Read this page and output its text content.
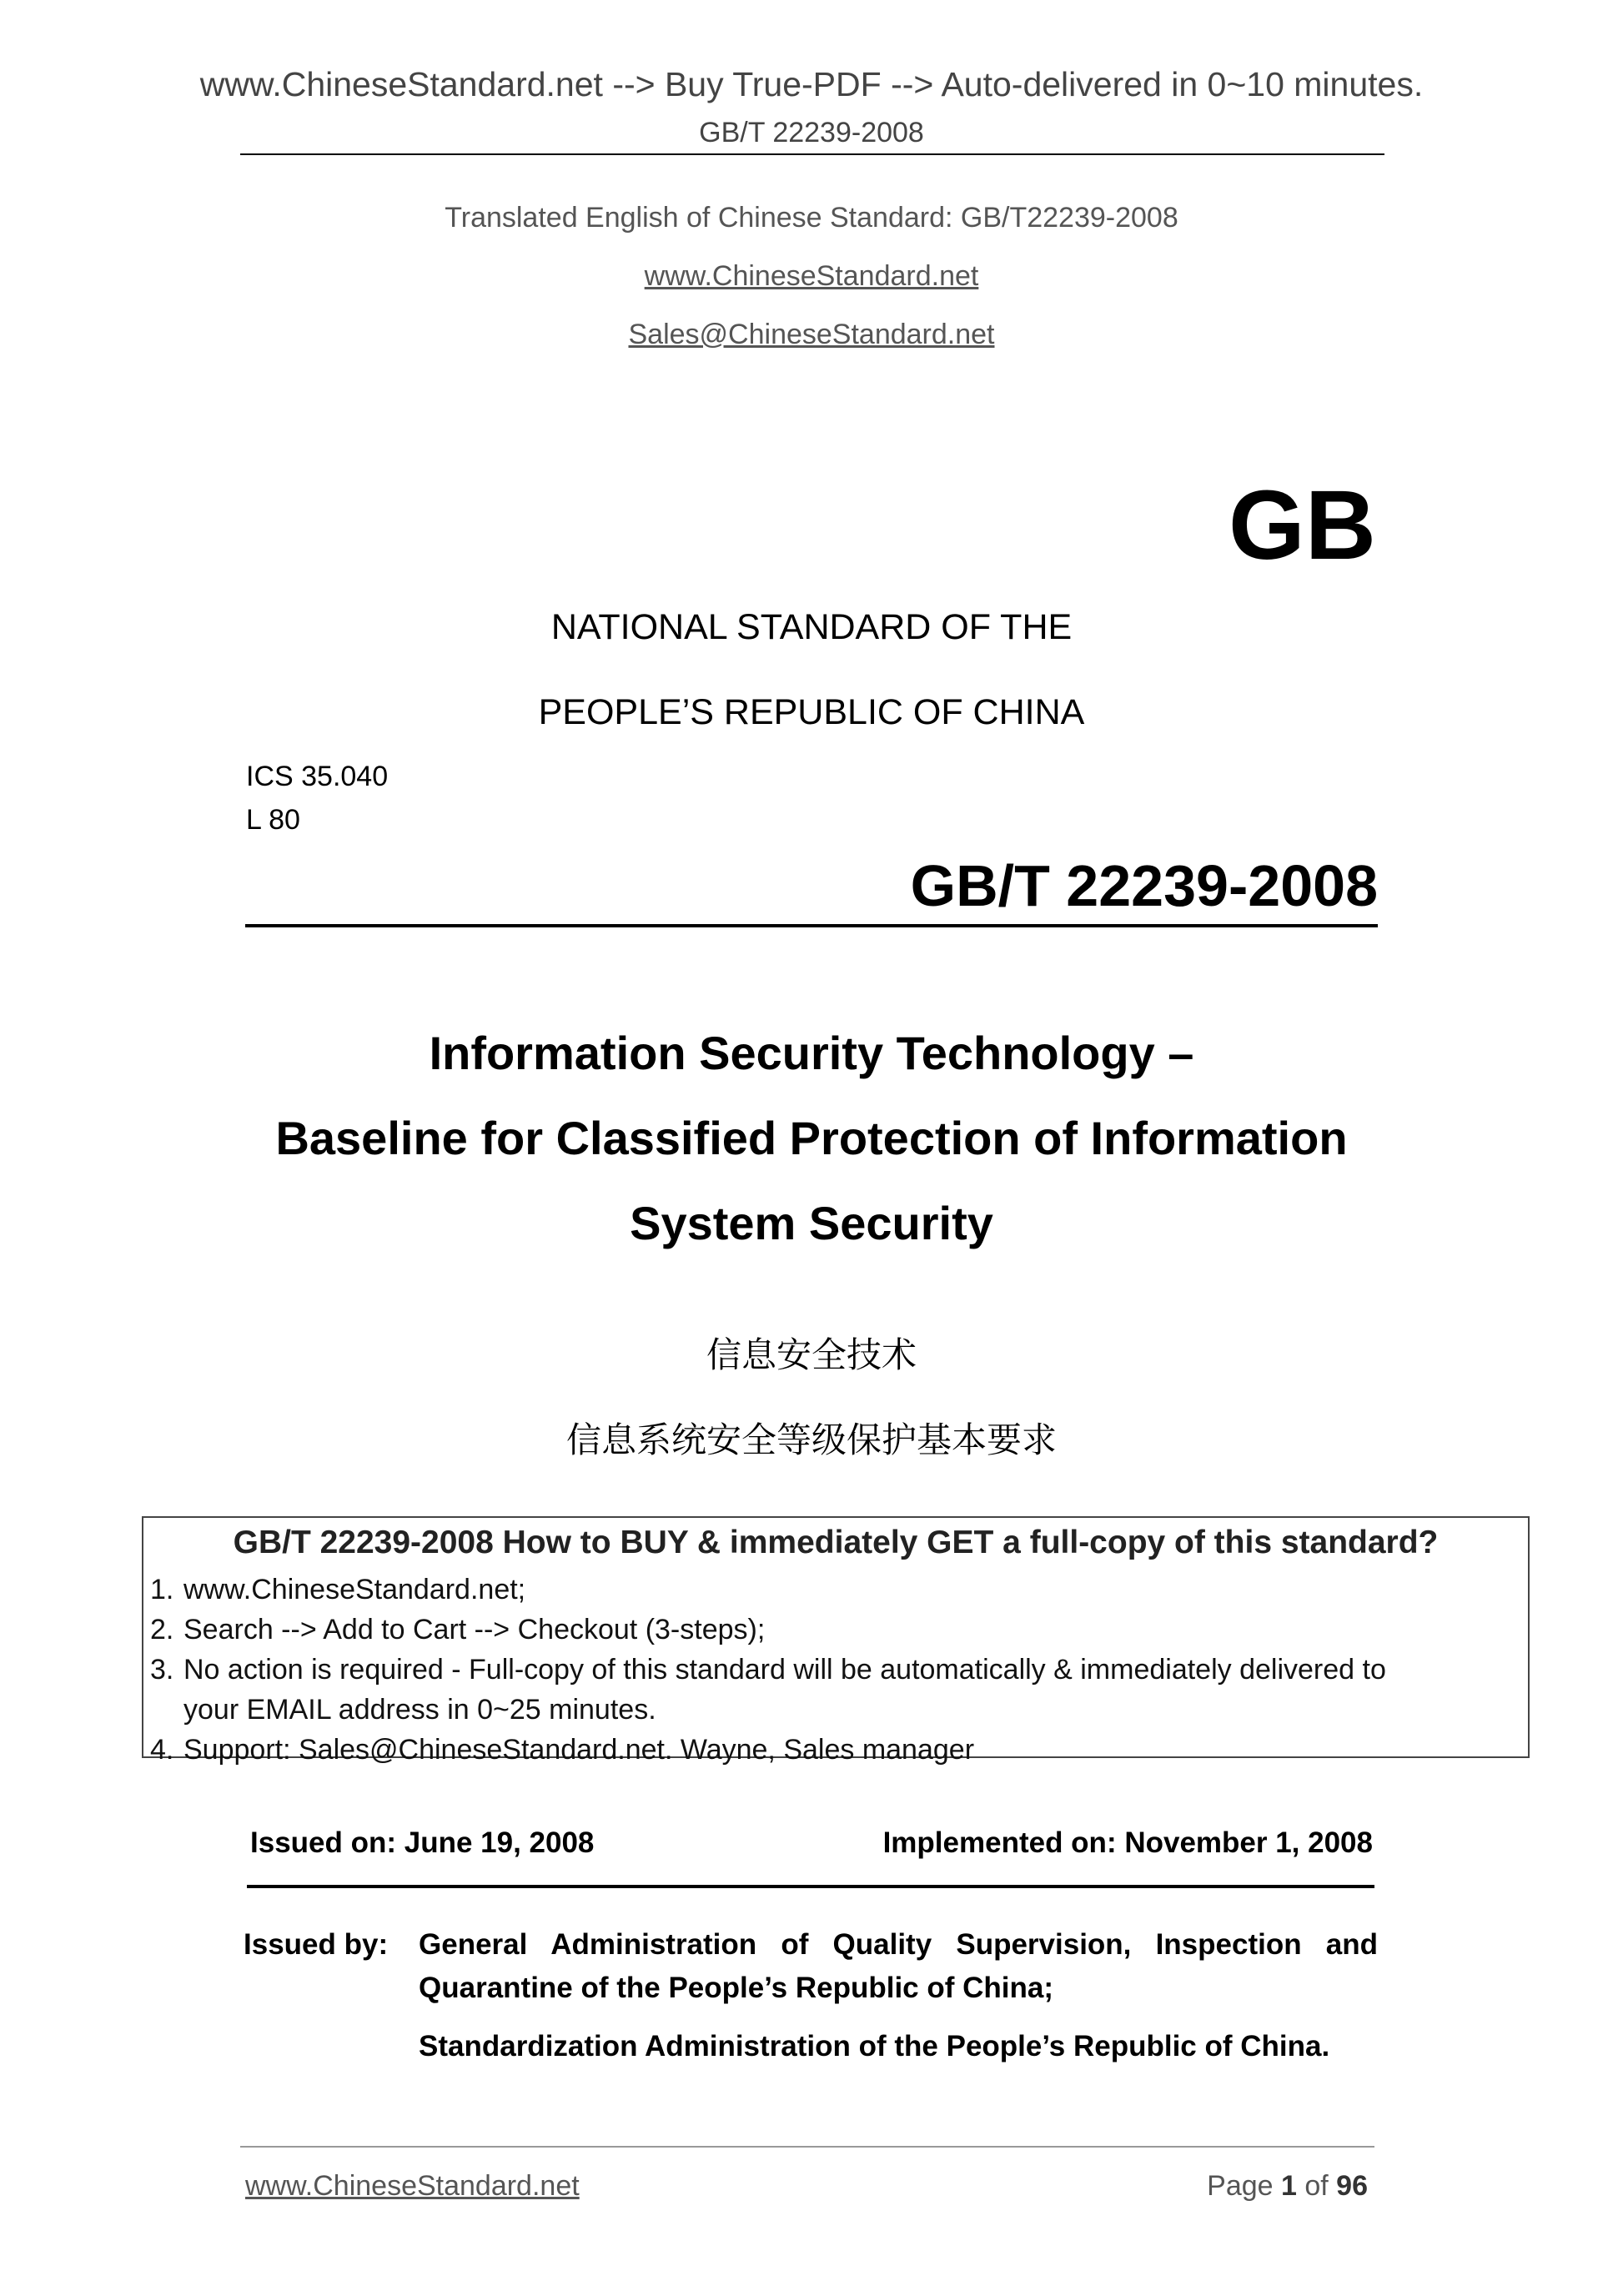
www.ChineseStandard.net --> Buy True-PDF --> Auto-delivered in 0~10 minutes.
GB/T 22239-2008
Translated English of Chinese Standard: GB/T22239-2008
www.ChineseStandard.net
Sales@ChineseStandard.net
GB
NATIONAL STANDARD OF THE
PEOPLE’S REPUBLIC OF CHINA
ICS 35.040
L 80
GB/T 22239-2008
Information Security Technology –
Baseline for Classified Protection of Information
System Security
信息安全技术
信息系统安全等级保护基本要求
GB/T 22239-2008 How to BUY & immediately GET a full-copy of this standard?
1. www.ChineseStandard.net;
2. Search --> Add to Cart --> Checkout (3-steps);
3. No action is required - Full-copy of this standard will be automatically & immediately delivered to
your EMAIL address in 0~25 minutes.
4. Support: Sales@ChineseStandard.net. Wayne, Sales manager
Issued on: June 19, 2008	Implemented on: November 1, 2008
Issued by: General Administration of Quality Supervision, Inspection and
Quarantine of the People’s Republic of China;
Standardization Administration of the People’s Republic of China.
www.ChineseStandard.net	Page 1 of 96
